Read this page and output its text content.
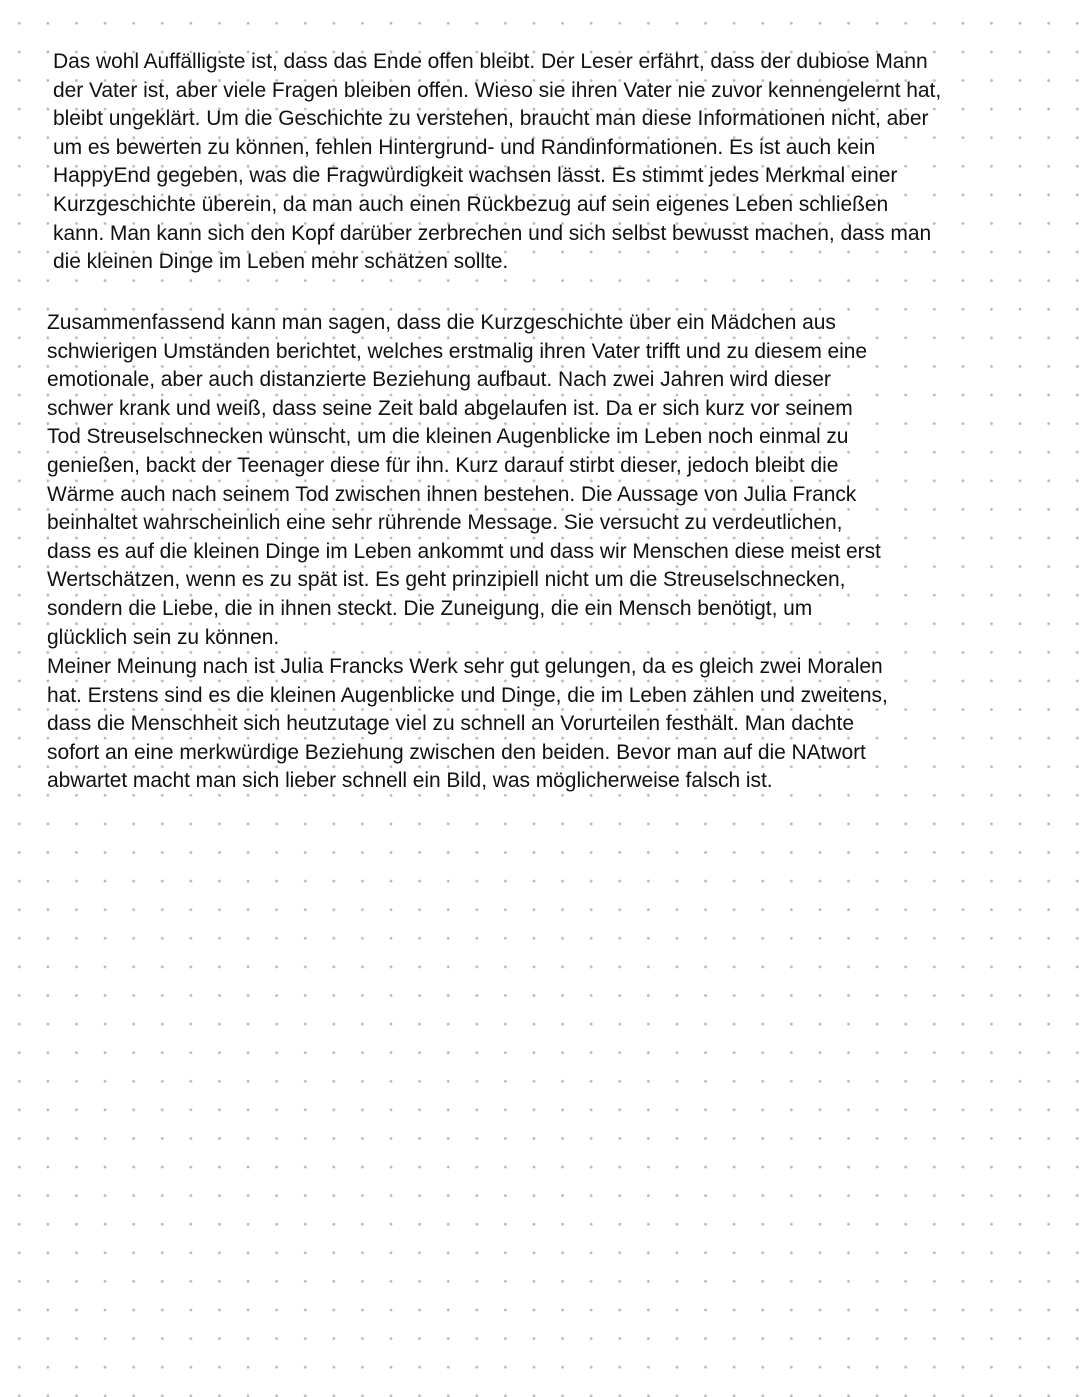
Das wohl Auffälligste ist, dass das Ende offen bleibt. Der Leser erfährt, dass der dubiose Mann
der Vater ist, aber viele Fragen bleiben offen. Wieso sie ihren Vater nie zuvor kennengelernt hat,
bleibt ungeklärt. Um die Geschichte zu verstehen, braucht man diese Informationen nicht, aber
um es bewerten zu können, fehlen Hintergrund- und Randinformationen. Es ist auch kein
HappyEnd gegeben, was die Fragwürdigkeit wachsen lässt. Es stimmt jedes Merkmal einer
Kurzgeschichte überein, da man auch einen Rückbezug auf sein eigenes Leben schließen
kann. Man kann sich den Kopf darüber zerbrechen und sich selbst bewusst machen, dass man
die kleinen Dinge im Leben mehr schätzen sollte.

Zusammenfassend kann man sagen, dass die Kurzgeschichte über ein Mädchen aus
schwierigen Umständen berichtet, welches erstmalig ihren Vater trifft und zu diesem eine
emotionale, aber auch distanzierte Beziehung aufbaut. Nach zwei Jahren wird dieser
schwer krank und weiß, dass seine Zeit bald abgelaufen ist. Da er sich kurz vor seinem
Tod Streuselschnecken wünscht, um die kleinen Augenblicke im Leben noch einmal zu
genießen, backt der Teenager diese für ihn. Kurz darauf stirbt dieser, jedoch bleibt die
Wärme auch nach seinem Tod zwischen ihnen bestehen. Die Aussage von Julia Franck
beinhaltet wahrscheinlich eine sehr rührende Message. Sie versucht zu verdeutlichen,
dass es auf die kleinen Dinge im Leben ankommt und dass wir Menschen diese meist erst
Wertschätzen, wenn es zu spät ist. Es geht prinzipiell nicht um die Streuselschnecken,
sondern die Liebe, die in ihnen steckt. Die Zuneigung, die ein Mensch benötigt, um
glücklich sein zu können.

Meiner Meinung nach ist Julia Francks Werk sehr gut gelungen, da es gleich zwei Moralen
hat. Erstens sind es die kleinen Augenblicke und Dinge, die im Leben zählen und zweitens,
dass die Menschheit sich heutzutage viel zu schnell an Vorurteilen festhält. Man dachte
sofort an eine merkwürdige Beziehung zwischen den beiden. Bevor man auf die NAtwort
abwartet macht man sich lieber schnell ein Bild, was möglicherweise falsch ist.
